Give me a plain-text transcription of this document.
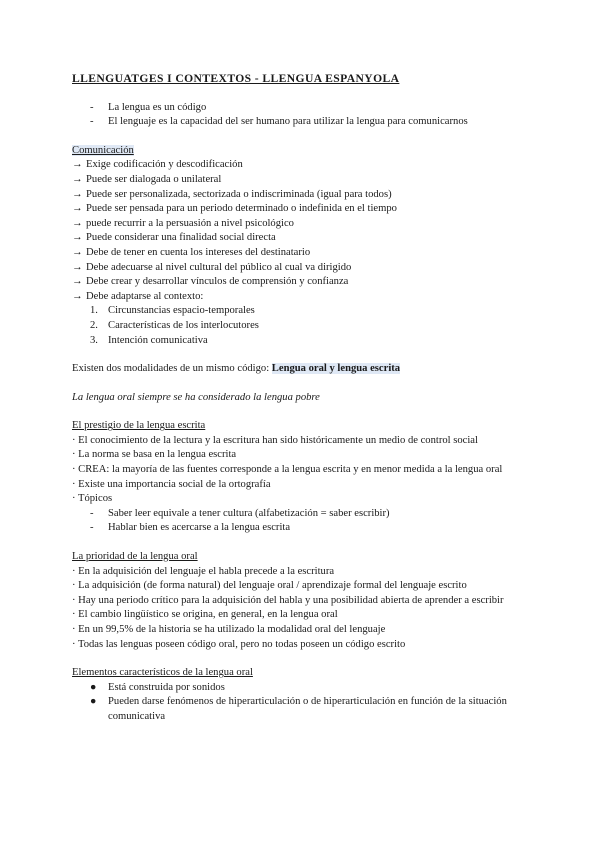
LLENGUATGES I CONTEXTOS - LLENGUA ESPANYOLA
- La lengua es un código
- El lenguaje es la capacidad del ser humano para utilizar la lengua para comunicarnos
Comunicación
→ Exige codificación y descodificación
→ Puede ser dialogada o unilateral
→ Puede ser personalizada, sectorizada o indiscriminada (igual para todos)
→ Puede ser pensada para un periodo determinado o indefinida en el tiempo
→ puede recurrir a la persuasión a nivel psicológico
→ Puede considerar una finalidad social directa
→ Debe de tener en cuenta los intereses del destinatario
→ Debe adecuarse al nivel cultural del público al cual va dirigido
→ Debe crear y desarrollar vínculos de comprensión y confianza
→ Debe adaptarse al contexto:
1. Circunstancias espacio-temporales
2. Características de los interlocutores
3. Intención comunicativa
Existen dos modalidades de un mismo código: Lengua oral y lengua escrita
La lengua oral siempre se ha considerado la lengua pobre
El prestigio de la lengua escrita
· El conocimiento de la lectura y la escritura han sido históricamente un medio de control social
· La norma se basa en la lengua escrita
· CREA: la mayoría de las fuentes corresponde a la lengua escrita y en menor medida a la lengua oral
· Existe una importancia social de la ortografía
· Tópicos
- Saber leer equivale a tener cultura (alfabetización = saber escribir)
- Hablar bien es acercarse a la lengua escrita
La prioridad de la lengua oral
· En la adquisición del lenguaje el habla precede a la escritura
· La adquisición (de forma natural) del lenguaje oral / aprendizaje formal del lenguaje escrito
· Hay una periodo crítico para la adquisición del habla y una posibilidad abierta de aprender a escribir
· El cambio lingüístico se origina, en general, en la lengua oral
· En un 99,5% de la historia se ha utilizado la modalidad oral del lenguaje
· Todas las lenguas poseen código oral, pero no todas poseen un código escrito
Elementos característicos de la lengua oral
● Está construida por sonidos
● Pueden darse fenómenos de hiperarticulación o de hiperarticulación en función de la situación comunicativa
